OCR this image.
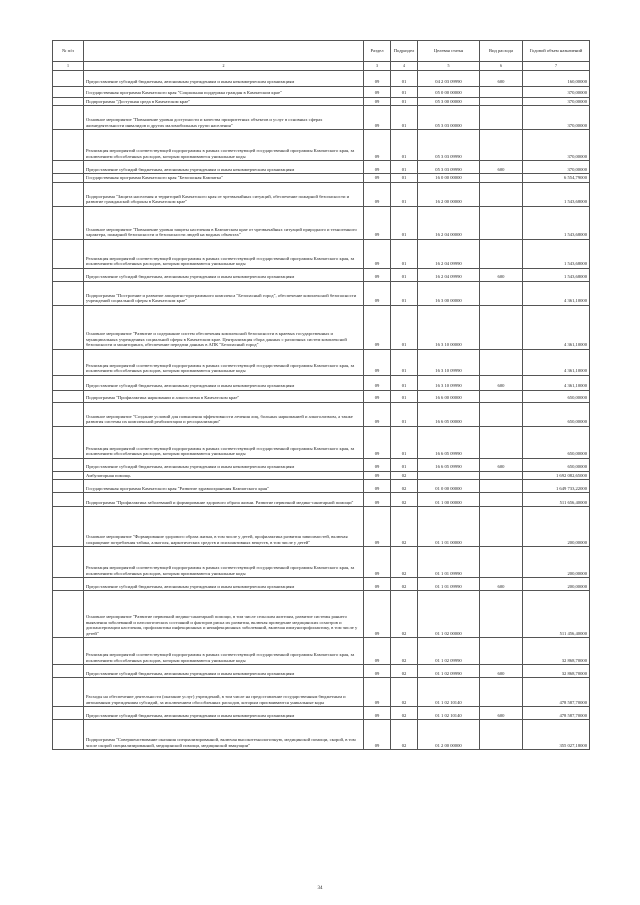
№ п/п		Раздел	Подраздел	Целевая статья	Вид расхода	Годовой объем назначений
1	2	3	4	5	6	7
	Предоставление субсидий бюджетным, автономным учреждениям и иным некоммерческим организациям	09	01	04 2 03 09990	600	160,00000
	Государственная программа Камчатского края "Социальная поддержка граждан в Камчатском крае"	09	01	05 0 00 00000		370,00000
	Подпрограмма "Доступная среда в Камчатском крае"	09	01	05 3 00 00000		370,00000
	Основное мероприятие "Повышение уровня доступности и качества приоритетных объектов и услуг в основных сферах жизнедеятельности инвалидов и других маломобильных групп населения"	09	01	05 3 03 00000		370,00000
	Реализация мероприятий соответствующей подпрограммы в рамках соответствующей государственной программы Камчатского края, за исключением обособленных расходов, которым присваиваются уникальные коды	09	01	05 3 03 09990		370,00000
	Предоставление субсидий бюджетным, автономным учреждениям и иным некоммерческим организациям	09	01	05 3 03 09990	600	370,00000
	Государственная программа Камчатского края "Безопасная Камчатка"	09	01	16 0 00 00000		6 554,79000
	Подпрограмма "Защита населения и территорий Камчатского края от чрезвычайных ситуаций, обеспечение пожарной безопасности и развитие гражданской обороны в Камчатском крае"	09	01	16 2 00 00000		1 543,68000
	Основное мероприятие "Повышение уровня защиты населения в Камчатском крае от чрезвычайных ситуаций природного и техногенного характера, пожарной безопасности и безопасности людей на водных объектах"	09	01	16 2 04 00000		1 543,68000
	Реализация мероприятий соответствующей подпрограммы в рамках соответствующей государственной программы Камчатского края, за исключением обособленных расходов, которым присваиваются уникальные коды	09	01	16 2 04 09990		1 543,68000
	Предоставление субсидий бюджетным, автономным учреждениям и иным некоммерческим организациям	09	01	16 2 04 09990	600	1 543,68000
	Подпрограмма "Построение и развитие аппаратно-программного комплекса "Безопасный город", обеспечение комплексной безопасности учреждений социальной сферы в Камчатском крае"	09	01	16 3 00 00000		4 361,10000
	Основное мероприятие "Развитие и содержание систем обеспечения комплексной безопасности в краевых государственных и муниципальных учреждениях социальной сферы в Камчатском крае. Централизация сбора данных с различных систем комплексной безопасности и мониторинга, обеспечение передачи данных в АПК "Безопасный город"	09	01	16 3 10 00000		4 361,10000
	Реализация мероприятий соответствующей подпрограммы в рамках соответствующей государственной программы Камчатского края, за исключением обособленных расходов, которым присваиваются уникальные коды	09	01	16 3 10 09990		4 361,10000
	Предоставление субсидий бюджетным, автономным учреждениям и иным некоммерческим организациям	09	01	16 3 10 09990	600	4 361,10000
	Подпрограмма "Профилактика наркомании и алкоголизма в Камчатском крае"	09	01	16 6 00 00000		650,00000
	Основное мероприятие "Создание условий для повышения эффективности лечения лиц, больных наркоманией и алкоголизмом, а также развития системы их комплексной реабилитации и ресоциализации"	09	01	16 6 05 00000		650,00000
	Реализация мероприятий соответствующей подпрограммы в рамках соответствующей государственной программы Камчатского края, за исключением обособленных расходов, которым присваиваются уникальные коды	09	01	16 6 05 09990		650,00000
	Предоставление субсидий бюджетным, автономным учреждениям и иным некоммерческим организациям	09	01	16 6 05 09990	600	650,00000
	Амбулаторная помощь	09	02			1 692 082,65000
	Государственная программа Камчатского края "Развитие здравоохранения Камчатского края"	09	02	01 0 00 00000		1 649 733,22000
	Подпрограмма "Профилактика заболеваний и формирование здорового образа жизни. Развитие первичной медико-санитарной помощи"	09	02	01 1 00 00000		511 656,40000
	Основное мероприятие "Формирование здорового образа жизни, в том числе у детей, профилактика развития зависимостей, включая сокращение потребления табака, алкоголя, наркотических средств и психоактивных веществ, в том числе у детей"	09	02	01 1 01 00000		200,00000
	Реализация мероприятий соответствующей подпрограммы в рамках соответствующей государственной программы Камчатского края, за исключением обособленных расходов, которым присваиваются уникальные коды	09	02	01 1 01 09990		200,00000
	Предоставление субсидий бюджетным, автономным учреждениям и иным некоммерческим организациям	09	02	01 1 01 09990	600	200,00000
	Основное мероприятие "Развитие первичной медико-санитарной помощи, в том числе сельским жителям, развитие системы раннего выявления заболеваний и патологических состояний и факторов риска их развития, включая проведение медицинских осмотров и диспансеризации населения, профилактика инфекционных и неинфекционных заболеваний, включая иммунопрофилактику, в том числе у детей"	09	02	01 1 02 00000		511 456,40000
	Реализация мероприятий соответствующей подпрограммы в рамках соответствующей государственной программы Камчатского края, за исключением обособленных расходов, которым присваиваются уникальные коды	09	02	01 1 02 09990		32 868,70000
	Предоставление субсидий бюджетным, автономным учреждениям и иным некоммерческим организациям	09	02	01 1 02 09990	600	32 868,70000
	Расходы на обеспечение деятельности (оказание услуг) учреждений, в том числе на предоставление государственным бюджетным и автономным учреждениям субсидий, за исключением обособленных расходов, которым присваиваются уникальные коды	09	02	01 1 02 10140		478 587,70000
	Предоставление субсидий бюджетным, автономным учреждениям и иным некоммерческим организациям	09	02	01 1 02 10140	600	478 587,70000
	Подпрограмма "Совершенствование оказания специализированной, включая высокотехнологичную, медицинской помощи, скорой, в том числе скорой специализированной, медицинской помощи, медицинской эвакуации"	09	02	01 2 00 00000		355 027,18000
34
